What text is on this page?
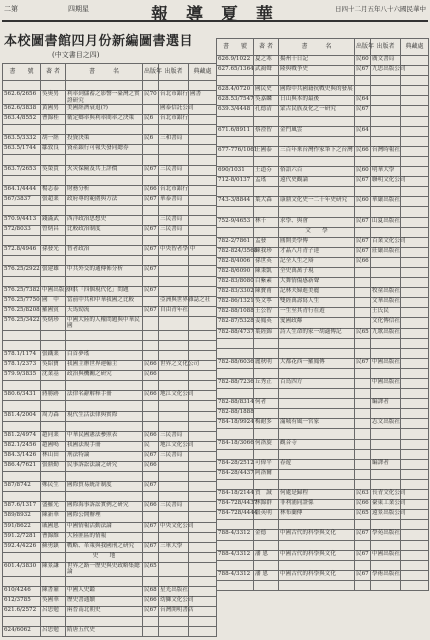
二第	四期星	報 導 夏 華	日四十二月五年八十六國民華中
本校圖書館四月份新編圖書選目
(中文書目之四)
書　　號	著 者	書　　　名	出版年	出版者	典藏處

562.6/2656	吳奧男	利率到儲蓄之影響一臺灣之實證研究	民70	台北市銀行	國書
562.6/3838	黃國男	美國經濟衰退(?)		國泰信託公司	
563.4/8552	曹錦桂	衛定鄉率與利率間率之決策	民6	台北市銀行	

563.5/3332	胡一經	投資決策	民6	三和書局	
563.5/1744	鄒敦良	資產銀行可報失發同總券			

563.7/2653	吳榮貴	火災保險及共上評價	民67	三民書局	

564.1/4444	楊志泰	財務分析	民66	台北市銀行	
567/3837	張超業	政府專的範圍與方法	民67	華泰書局	

570.9/4413	錢滿武	西洋政治思想史		三民書局	
572/8033	曾炳昌	比較政治制度	民67	三民書局	

572.8/4946	孫發光	智者政治	民67	中央智者學	中

576.25/2922	張建雄	中共外交的通傳佈分析	民67		

576.25/7382	中國出版公司	中共「四個現代化」問題	民67		
576.25/7750	國　中	當前中共和中華我國之比較		亞洲與世界雜誌之社	
576.25/8208	羅國賓	天馬勁流	民67	自由青年社	
576.25/3422	吳炳珍	中國大陸的人權問題與中華民國			

578.1/1174	張鐵業	白首夢瑤			
578.1/2373	吳紹寶	我國主辦世界運輸主	民66	世界之文化公司	
579.9/3835	沈業基	政治與機關之研究	民66		

580.6/3431	蔣勝跡	法律名辭解釋手冊	民66	地江文化公司	

581.4/2004	周力森	現代生活法律與實際			

581.2/4974	趙同業	中華民國憲法參照表	民66	三民書局	
582.1/2456	趙國鳴	我國法規手冊	民	地江文化公司	
584.3/1426	林山田	刑法特論	民67	三民書局	
586.4/7621	張鼎勤	民事訴訟法論之研究	民66		

587/8742	鄭民生	國際貿易統計制度	民67		

587.6/1317	盛羅光	國際海事訴訟實例之研究	民66	三民書局	
589/8932	陳新華	國際公開辦理			
591/8622	戚國恩	中國情報活動法論	民67	中央文化公司	
591.2/7281	曹錦維	大陸匪區的情報			
592.4/4226	蘇勇鎮	戰略、革策與我國刑之研究	民67	三軍大學	
		史　　地			
601.4/3830	陳景謙	世界之路一歷史與史政略集總論	民65		

610/4246	陳書鼐	中國人史鑑	民68	星光出版社	
612/3785	吳國華	歷史書通續	民66	幼獅文化公司	
621.6/2572	呂思勉	兩晉南北朝史	民67	台灣開明書店	

624/6062	呂思勉	隋唐五代史			
書　　號	著 者	書　　　名	出版年	出版者	典藏處
626.9/1022	夏之寒	揚州十日記	民60	廣文書局	
627.65/1364	武鴻聲	隆與戰爭史	民67	九思出版公司	

628.4/0720	國民史	國際中共國籍抗戰史與的發展			
628.53/7547	吳嘉麟	日山與本的最後	民64		
639.3/4448	孔德清	蒙古民族及化之一研究	民67		

671.6/8911	蔡澄智	金門風雲	民64		

677-776/1061	王國泰	三百年來台灣作家筆下之台灣	民66	台灣時報社	

690/1031	王道芬	俗語六百	民60	明華大學	
712-8/0137	孟瑤	遠代史觀論	民67	聯明文化公司	

743-3/8844	葉大森	康鼎文化史一二十年史研究	民60	華嚴出版社	

752-9/4653	林千	求學、與會	民67	山夏出版社	
		文　　學			
782-2/7861	孟發	圓開美學傳	民67	百業文化公司	
782-824/3568	陳我珍	才晶八月青子達	民67	莊嚴出版社	
782-8/4006	孫世英	記全人生之辯	民66		
782-8/6090	陳秉凱	全史萬萬子現			
782-83/8080	白紫素	大舞情傷感新聲			
782-83/3302	陳寶甫	記林夫婦進美麗		牧童出版社	
782-86/1321	吳文寧	雙經萬壽寫人生		文華出版社	
782-88/1088	王公智	一生至其青行在遊		王氏民	
782-87/5328	姜鳳英	愛國政鄰		文化傳信社	
782-88/4737	葉經錦	詩人生命的家一胡適傳記	民65	九歌出版社	

782-88/6036	麗秋明	大都花西一羅鳳傳	民67	中國出版社	

782-88/7236	丘秀正	百鳥四方		中國出版社	

782-88/8314	何者			編譯者	
782-88/1888					
784-18/9924	梅耐多	滿城有風一宮家		志文出版社	

784-18/3066	何洛旋	觀音寺			

784-28/2512	可偉平	春遊		編譯者	
784-28/4437	阿洛爾				

784-18/2144	賀　誠	何處是歸程	民63	長青文化公司	
784-728/4437	林錦群	非利浦同證係	民66	臺東工業公司	
784-728/4444	張英明	林布蘭傳	民65	遠景出版公司	

788-4/3312	金德	中國古代的科學與文化	民67	學苑出版社	

788-4/3312	潘 恩	中國古代的科學與文化	民67	中國出版社	

788-4/3312	潘 恩	中國古代的科學與文化	民67	學術出版社	
